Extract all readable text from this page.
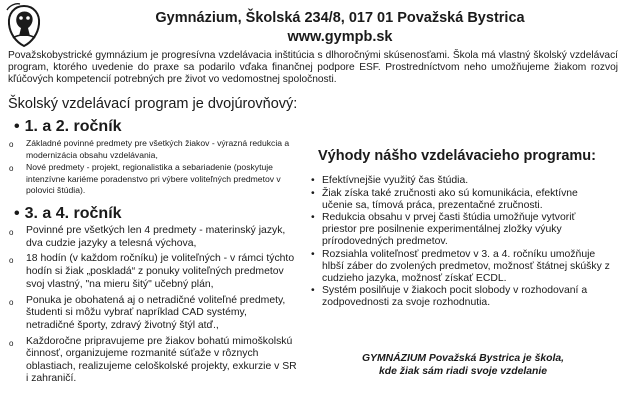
Gymnázium, Školská 234/8, 017 01 Považská Bystrica
www.gympb.sk
Považskobystrické gymnázium je progresívna vzdelávacia inštitúcia s dlhoročnými skúsenosťami. Škola má vlastný školský vzdelávací program, ktorého uvedenie do praxe sa podarilo vďaka finančnej podpore ESF. Prostredníctvom neho umožňujeme žiakom rozvoj kľúčových kompetencií potrebných pre život vo vedomostnej spoločnosti.
Školský vzdelávací program je dvojúrovňový:
• 1. a 2. ročník
o Základné povinné predmety pre všetkých žiakov - výrazná redukcia a modernizácia obsahu vzdelávania,
o Nové predmety - projekt, regionalistika a sebariadenie (poskytuje intenzívne kariéme poradenstvo pri výbere voliteľných predmetov v polovici štúdia).
• 3. a 4. ročník
o Povinné pre všetkých len 4 predmety - materinský jazyk, dva cudzie jazyky a telesná výchova,
o 18 hodín (v každom ročníku) je voliteľných - v rámci týchto hodín si žiak „poskladá“ z ponuky voliteľných predmetov svoj vlastný, "na mieru šitý" učebný plán,
o Ponuka je obohatená aj o netradičné voliteľné predmety, študenti si môžu vybrať napríklad CAD systémy, netradičné športy, zdravý životný štýl atď.,
o Každoročne pripravujeme pre žiakov bohatú mimoškolskú činnosť, organizujeme rozmanité súťaže v rôznych oblastiach, realizujeme celoškolské projekty, exkurzie v SR i zahraničí.
Výhody nášho vzdelávacieho programu:
• Efektívnejšie využitý čas štúdia.
• Žiak získa také zručnosti ako sú komunikácia, efektívne učenie sa, tímová práca, prezentačné zručnosti.
• Redukcia obsahu v prvej časti štúdia umožňuje vytvoriť priestor pre posilnenie experimentálnej zložky výuky prírodovedných predmetov.
• Rozsiahla voliteľnosť predmetov v 3. a 4. ročníku umožňuje hlbší záber do zvolených predmetov, možnosť štátnej skúšky z cudzieho jazyka, možnosť získať ECDL.
• Systém posilňuje v žiakoch pocit slobody v rozhodovaní a zodpovednosti za svoje rozhodnutia.
GYMNÁZIUM Považská Bystrica je škola,
kde žiak sám riadi svoje vzdelanie
